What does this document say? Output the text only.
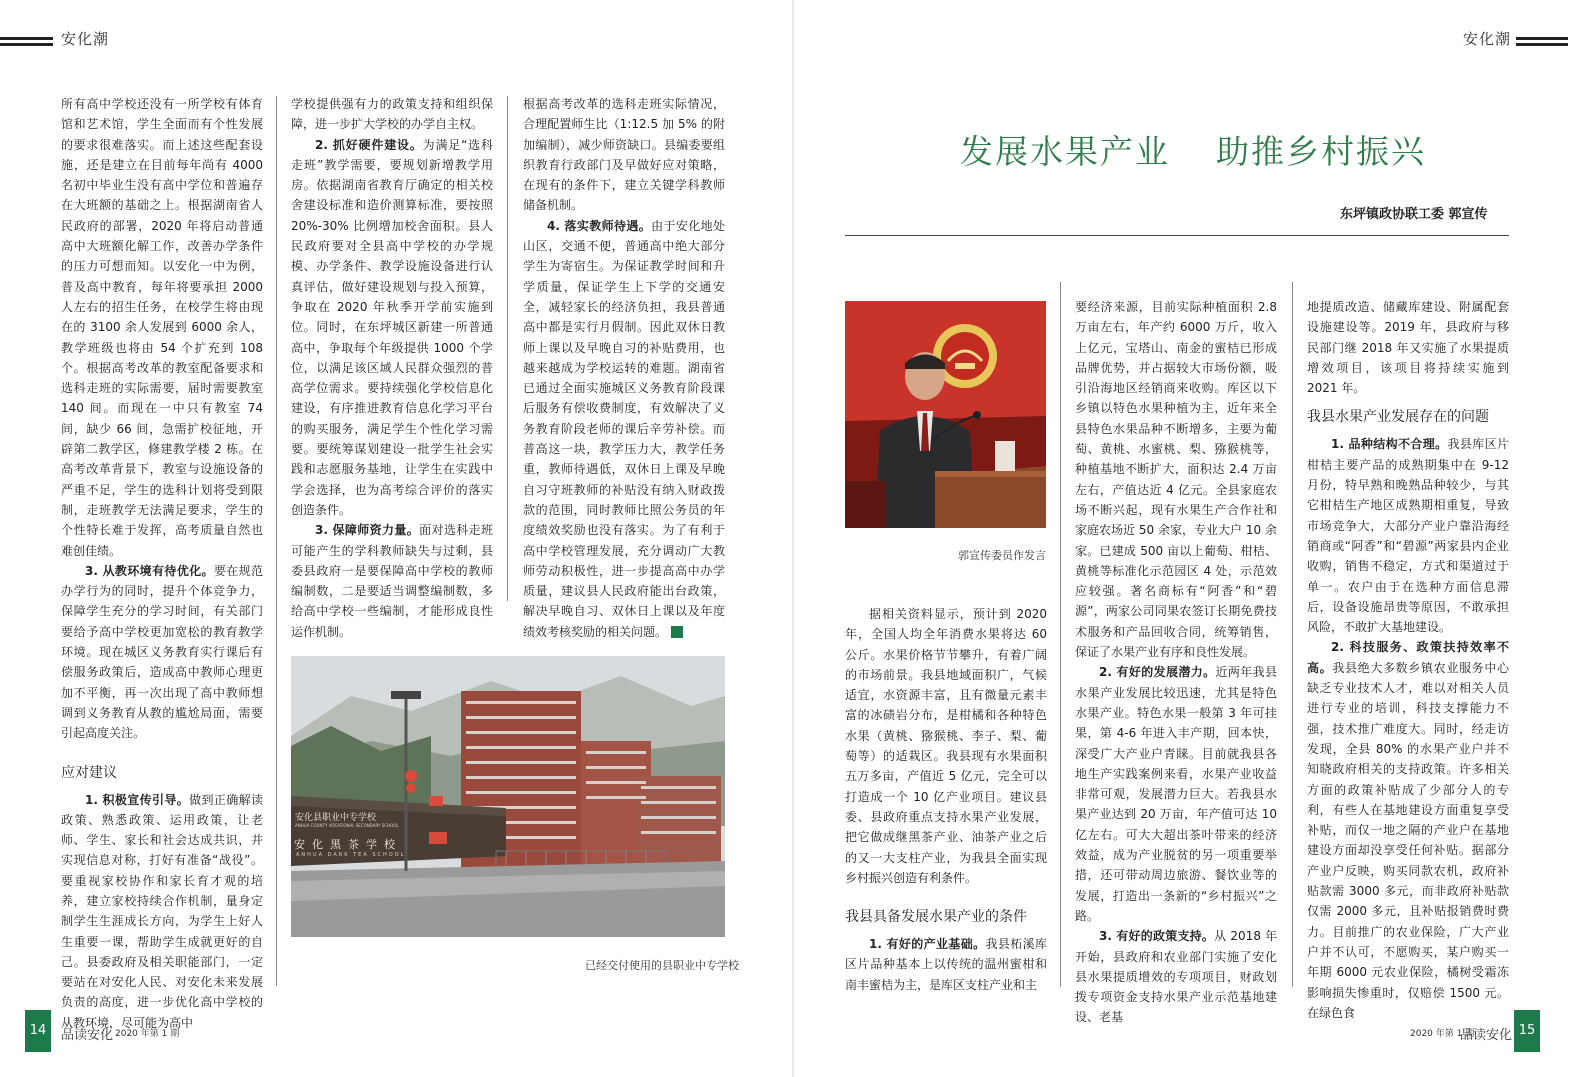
安化潮	安化潮

所有高中学校还没有一所学校有体育馆和艺术馆，学生全面而有个性发展的要求很难落实。而上述这些配套设施，还是建立在目前每年尚有 4000 名初中毕业生没有高中学位和普遍存在大班额的基础之上。根据湖南省人民政府的部署，2020 年将启动普通高中大班额化解工作，改善办学条件的压力可想而知。以安化一中为例，普及高中教育，每年将要承担 2000 人左右的招生任务，在校学生将由现在的 3100 余人发展到 6000 余人，教学班级也将由 54 个扩充到 108 个。根据高考改革的教室配备要求和选科走班的实际需要，届时需要教室 140 间。而现在一中只有教室 74 间，缺少 66 间，急需扩校征地，开辟第二教学区，修建教学楼 2 栋。在高考改革背景下，教室与设施设备的严重不足，学生的选科计划将受到限制，走班教学无法满足要求，学生的个性特长难于发挥，高考质量自然也难创佳绩。

3. 从教环境有待优化。要在规范办学行为的同时，提升个体竞争力，保障学生充分的学习时间，有关部门要给予高中学校更加宽松的教育教学环境。现在城区义务教育实行课后有偿服务政策后，造成高中教师心理更加不平衡，再一次出现了高中教师想调到义务教育从教的尴尬局面，需要引起高度关注。

应对建议

1. 积极宣传引导。做到正确解读政策、熟悉政策、运用政策，让老师、学生、家长和社会达成共识，并实现信息对称，打好有准备“战役”。要重视家校协作和家长育才观的培养，建立家校持续合作机制，量身定制学生生涯成长方向，为学生上好人生重要一课，帮助学生成就更好的自己。县委政府及相关职能部门，一定要站在对安化人民、对安化未来发展负责的高度，进一步优化高中学校的从教环境，尽可能为高中

学校提供强有力的政策支持和组织保障，进一步扩大学校的办学自主权。

2. 抓好硬件建设。为满足“选科走班”教学需要，要规划新增教学用房。依据湖南省教育厅确定的相关校舍建设标准和造价测算标准，要按照 20%-30% 比例增加校舍面积。县人民政府要对全县高中学校的办学规模、办学条件、教学设施设备进行认真评估，做好建设规划与投入预算，争取在 2020 年秋季开学前实施到位。同时，在东坪城区新建一所普通高中，争取每个年级提供 1000 个学位，以满足该区域人民群众强烈的普高学位需求。要持续强化学校信息化建设，有序推进教育信息化学习平台的购买服务，满足学生个性化学习需要。要统筹谋划建设一批学生社会实践和志愿服务基地，让学生在实践中学会选择，也为高考综合评价的落实创造条件。

3. 保障师资力量。面对选科走班可能产生的学科教师缺失与过剩，县委县政府一是要保障高中学校的教师编制数，二是要适当调整编制数，多给高中学校一些编制，才能形成良性运作机制。

根据高考改革的选科走班实际情况，合理配置师生比（1:12.5 加 5% 的附加编制），减少师资缺口。县编委要组织教育行政部门及早做好应对策略，在现有的条件下，建立关键学科教师储备机制。

4. 落实教师待遇。由于安化地处山区，交通不便，普通高中绝大部分学生为寄宿生。为保证教学时间和升学质量，保证学生上下学的交通安全，减轻家长的经济负担，我县普通高中都是实行月假制。因此双休日教师上课以及早晚自习的补贴费用，也越来越成为学校运转的难题。湖南省已通过全面实施城区义务教育阶段课后服务有偿收费制度，有效解决了义务教育阶段老师的课后辛劳补偿。而普高这一块，教学压力大，教学任务重，教师待遇低，双休日上课及早晚自习守班教师的补贴没有纳入财政拨款的范围，同时教师比照公务员的年度绩效奖励也没有落实。为了有利于高中学校管理发展，充分调动广大教师劳动积极性，进一步提高高中办学质量，建议县人民政府能出台政策，解决早晚自习、双休日上课以及年度绩效考核奖励的相关问题。	A

安化县职业中专学校
ANHUA COUNTY VOCATIONAL SECONDARY SCHOOL
安化黑茶学校
ANHUA DARK TEA SCHOOL
已经交付使用的县职业中专学校
发展水果产业 助推乡村振兴
东坪镇政协联工委 郭宣传
郭宣传委员作发言

据相关资料显示，预计到 2020 年，全国人均全年消费水果将达 60 公斤。水果价格节节攀升，有着广阔的市场前景。我县地域面积广，气候适宜，水资源丰富，且有微量元素丰富的冰碛岩分布，是柑橘和各种特色水果（黄桃、猕猴桃、李子、梨、葡萄等）的适栽区。我县现有水果面积五万多亩，产值近 5 亿元，完全可以打造成一个 10 亿产业项目。建议县委、县政府重点支持水果产业发展，把它做成继黑茶产业、油茶产业之后的又一大支柱产业，为我县全面实现乡村振兴创造有利条件。

我县具备发展水果产业的条件

1. 有好的产业基础。我县柘溪库区片品种基本上以传统的温州蜜柑和南丰蜜桔为主，是库区支柱产业和主

要经济来源，目前实际种植面积 2.8 万亩左右，年产约 6000 万斤，收入上亿元，宝塔山、南金的蜜桔已形成品牌优势，并占据较大市场份额，吸引沿海地区经销商来收购。库区以下乡镇以特色水果种植为主，近年来全县特色水果品种不断增多，主要为葡萄、黄桃、水蜜桃、梨、猕猴桃等，种植基地不断扩大，面积达 2.4 万亩左右，产值达近 4 亿元。全县家庭农场不断兴起，现有水果生产合作社和家庭农场近 50 余家，专业大户 10 余家。已建成 500 亩以上葡萄、柑桔、黄桃等标准化示范园区 4 处，示范效应较强。著名商标有“阿香”和“碧源”，两家公司同果农签订长期免费技术服务和产品回收合同，统筹销售，保证了水果产业有序和良性发展。

2. 有好的发展潜力。近两年我县水果产业发展比较迅速，尤其是特色水果产业。特色水果一般第 3 年可挂果，第 4-6 年进入丰产期，回本快，深受广大产业户青睐。目前就我县各地生产实践案例来看，水果产业收益非常可观，发展潜力巨大。若我县水果产业达到 20 万亩，年产值可达 10 亿左右。可大大超出茶叶带来的经济效益，成为产业脱贫的另一项重要举措，还可带动周边旅游、餐饮业等的发展，打造出一条新的“乡村振兴”之路。

3. 有好的政策支持。从 2018 年开始，县政府和农业部门实施了安化县水果提质增效的专项项目，财政划拨专项资金支持水果产业示范基地建设、老基

地提质改造、储藏库建设、附属配套设施建设等。2019 年，县政府与移民部门继 2018 年又实施了水果提质增效项目，该项目将持续实施到 2021 年。

我县水果产业发展存在的问题

1. 品种结构不合理。我县库区片柑桔主要产品的成熟期集中在 9-12 月份，特早熟和晚熟品种较少，与其它柑桔生产地区成熟期相重复，导致市场竞争大，大部分产业户靠沿海经销商或“阿香”和“碧源”两家县内企业收购，销售不稳定，方式和渠道过于单一。农户由于在选种方面信息滞后，设备设施昂贵等原因，不敢承担风险，不敢扩大基地建设。

2. 科技服务、政策扶持效率不高。我县绝大多数乡镇农业服务中心缺乏专业技术人才，难以对相关人员进行专业的培训，科技支撑能力不强，技术推广难度大。同时，经走访发现，全县 80% 的水果产业户并不知晓政府相关的支持政策。许多相关方面的政策补贴成了少部分人的专利，有些人在基地建设方面重复享受补贴，而仅一地之隔的产业户在基地建设方面却没享受任何补贴。据部分产业户反映，购买同款农机，政府补贴款需 3000 多元，而非政府补贴款仅需 2000 多元，且补贴报销费时费力。目前推广的农业保险，广大产业户并不认可，不愿购买，某户购买一年期 6000 元农业保险，橘树受霜冻影响损失惨重时，仅赔偿 1500 元。在绿色食

14	品读安化 2020 年第 1 期	2020 年第 1 期
品读安化 15
